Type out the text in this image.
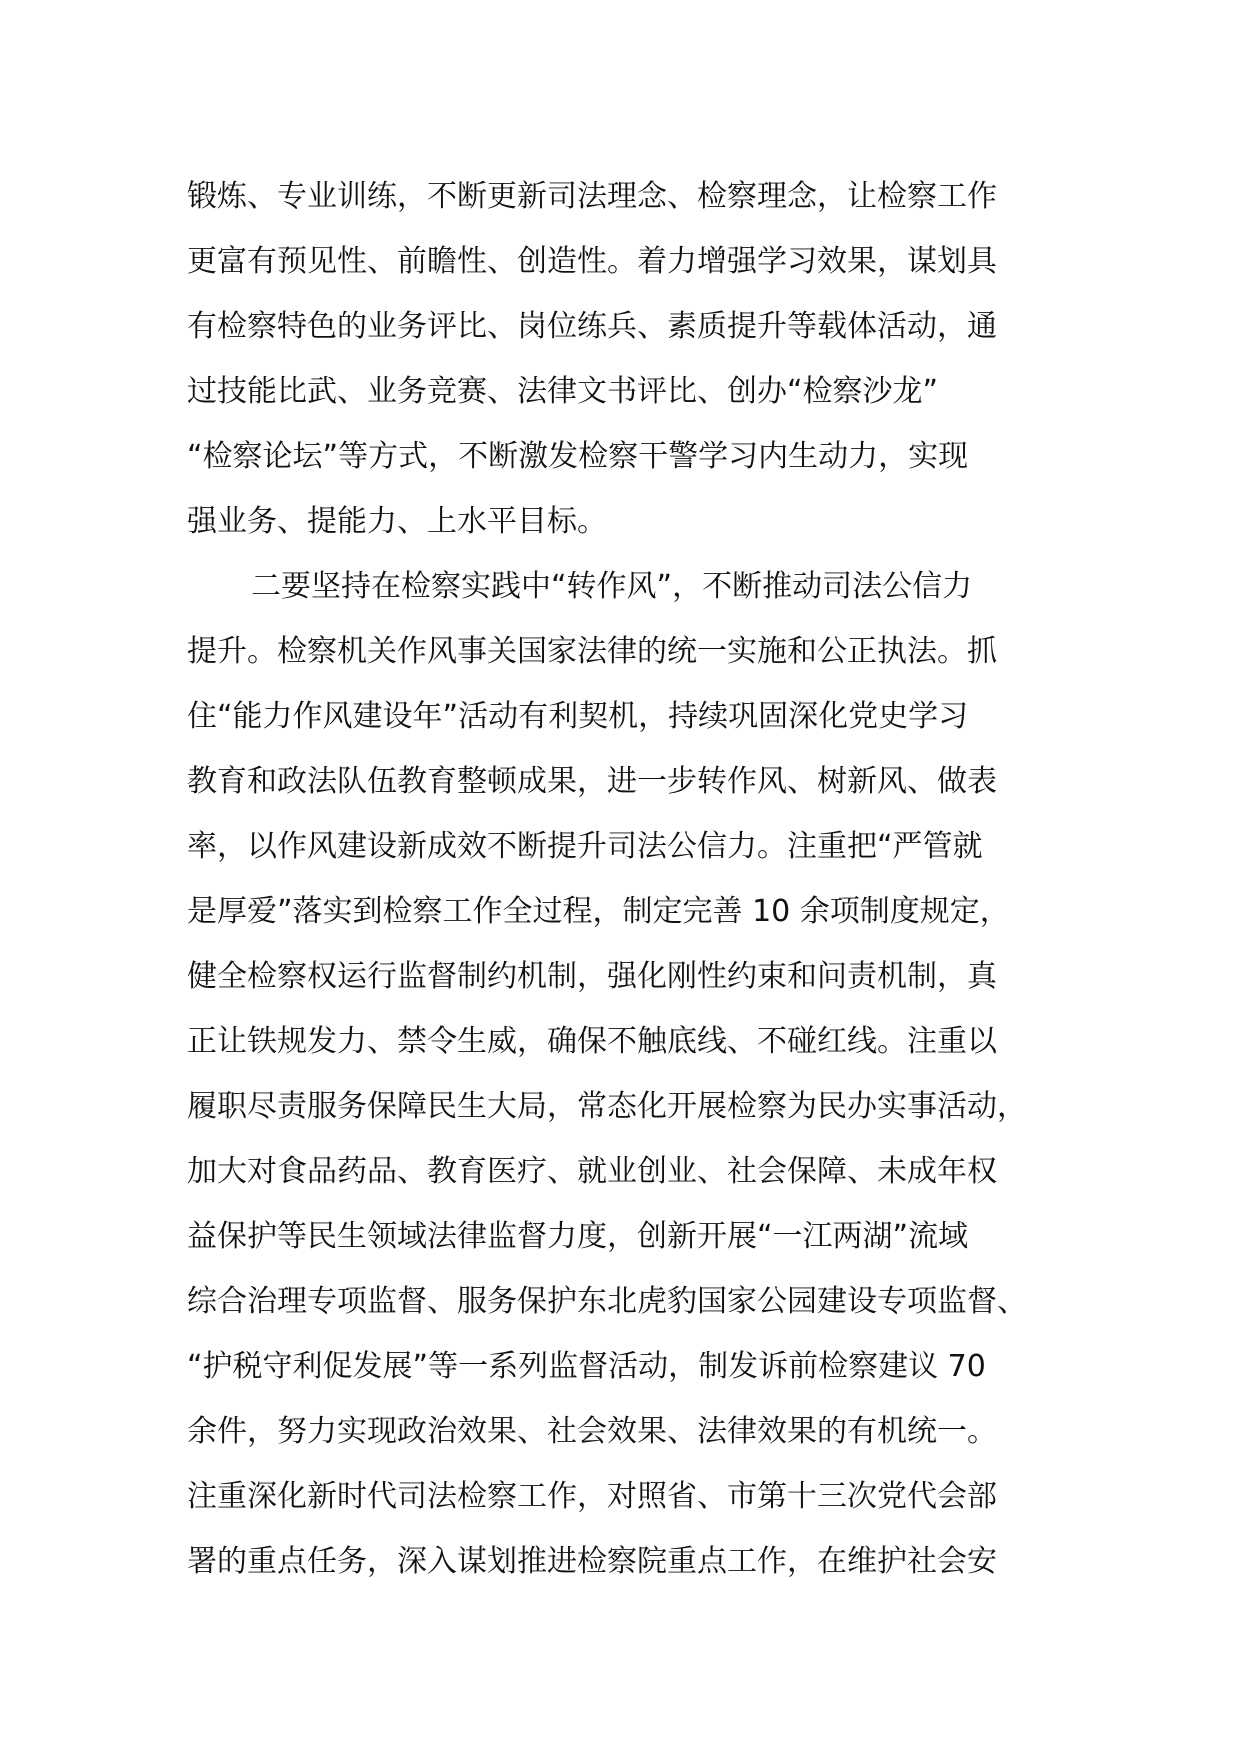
锻炼、专业训练，不断更新司法理念、检察理念，让检察工作
更富有预见性、前瞻性、创造性。着力增强学习效果，谋划具
有检察特色的业务评比、岗位练兵、素质提升等载体活动，通
过技能比武、业务竞赛、法律文书评比、创办“检察沙龙”
“检察论坛”等方式，不断激发检察干警学习内生动力，实现
强业务、提能力、上水平目标。
二要坚持在检察实践中“转作风”，不断推动司法公信力
提升。检察机关作风事关国家法律的统一实施和公正执法。抓
住“能力作风建设年”活动有利契机，持续巩固深化党史学习
教育和政法队伍教育整顿成果，进一步转作风、树新风、做表
率，以作风建设新成效不断提升司法公信力。注重把“严管就
是厚爱”落实到检察工作全过程，制定完善 10 余项制度规定，
健全检察权运行监督制约机制，强化刚性约束和问责机制，真
正让铁规发力、禁令生威，确保不触底线、不碰红线。注重以
履职尽责服务保障民生大局，常态化开展检察为民办实事活动，
加大对食品药品、教育医疗、就业创业、社会保障、未成年权
益保护等民生领域法律监督力度，创新开展“一江两湖”流域
综合治理专项监督、服务保护东北虎豹国家公园建设专项监督、
“护税守利促发展”等一系列监督活动，制发诉前检察建议 70
余件，努力实现政治效果、社会效果、法律效果的有机统一。
注重深化新时代司法检察工作，对照省、市第十三次党代会部
署的重点任务，深入谋划推进检察院重点工作，在维护社会安
